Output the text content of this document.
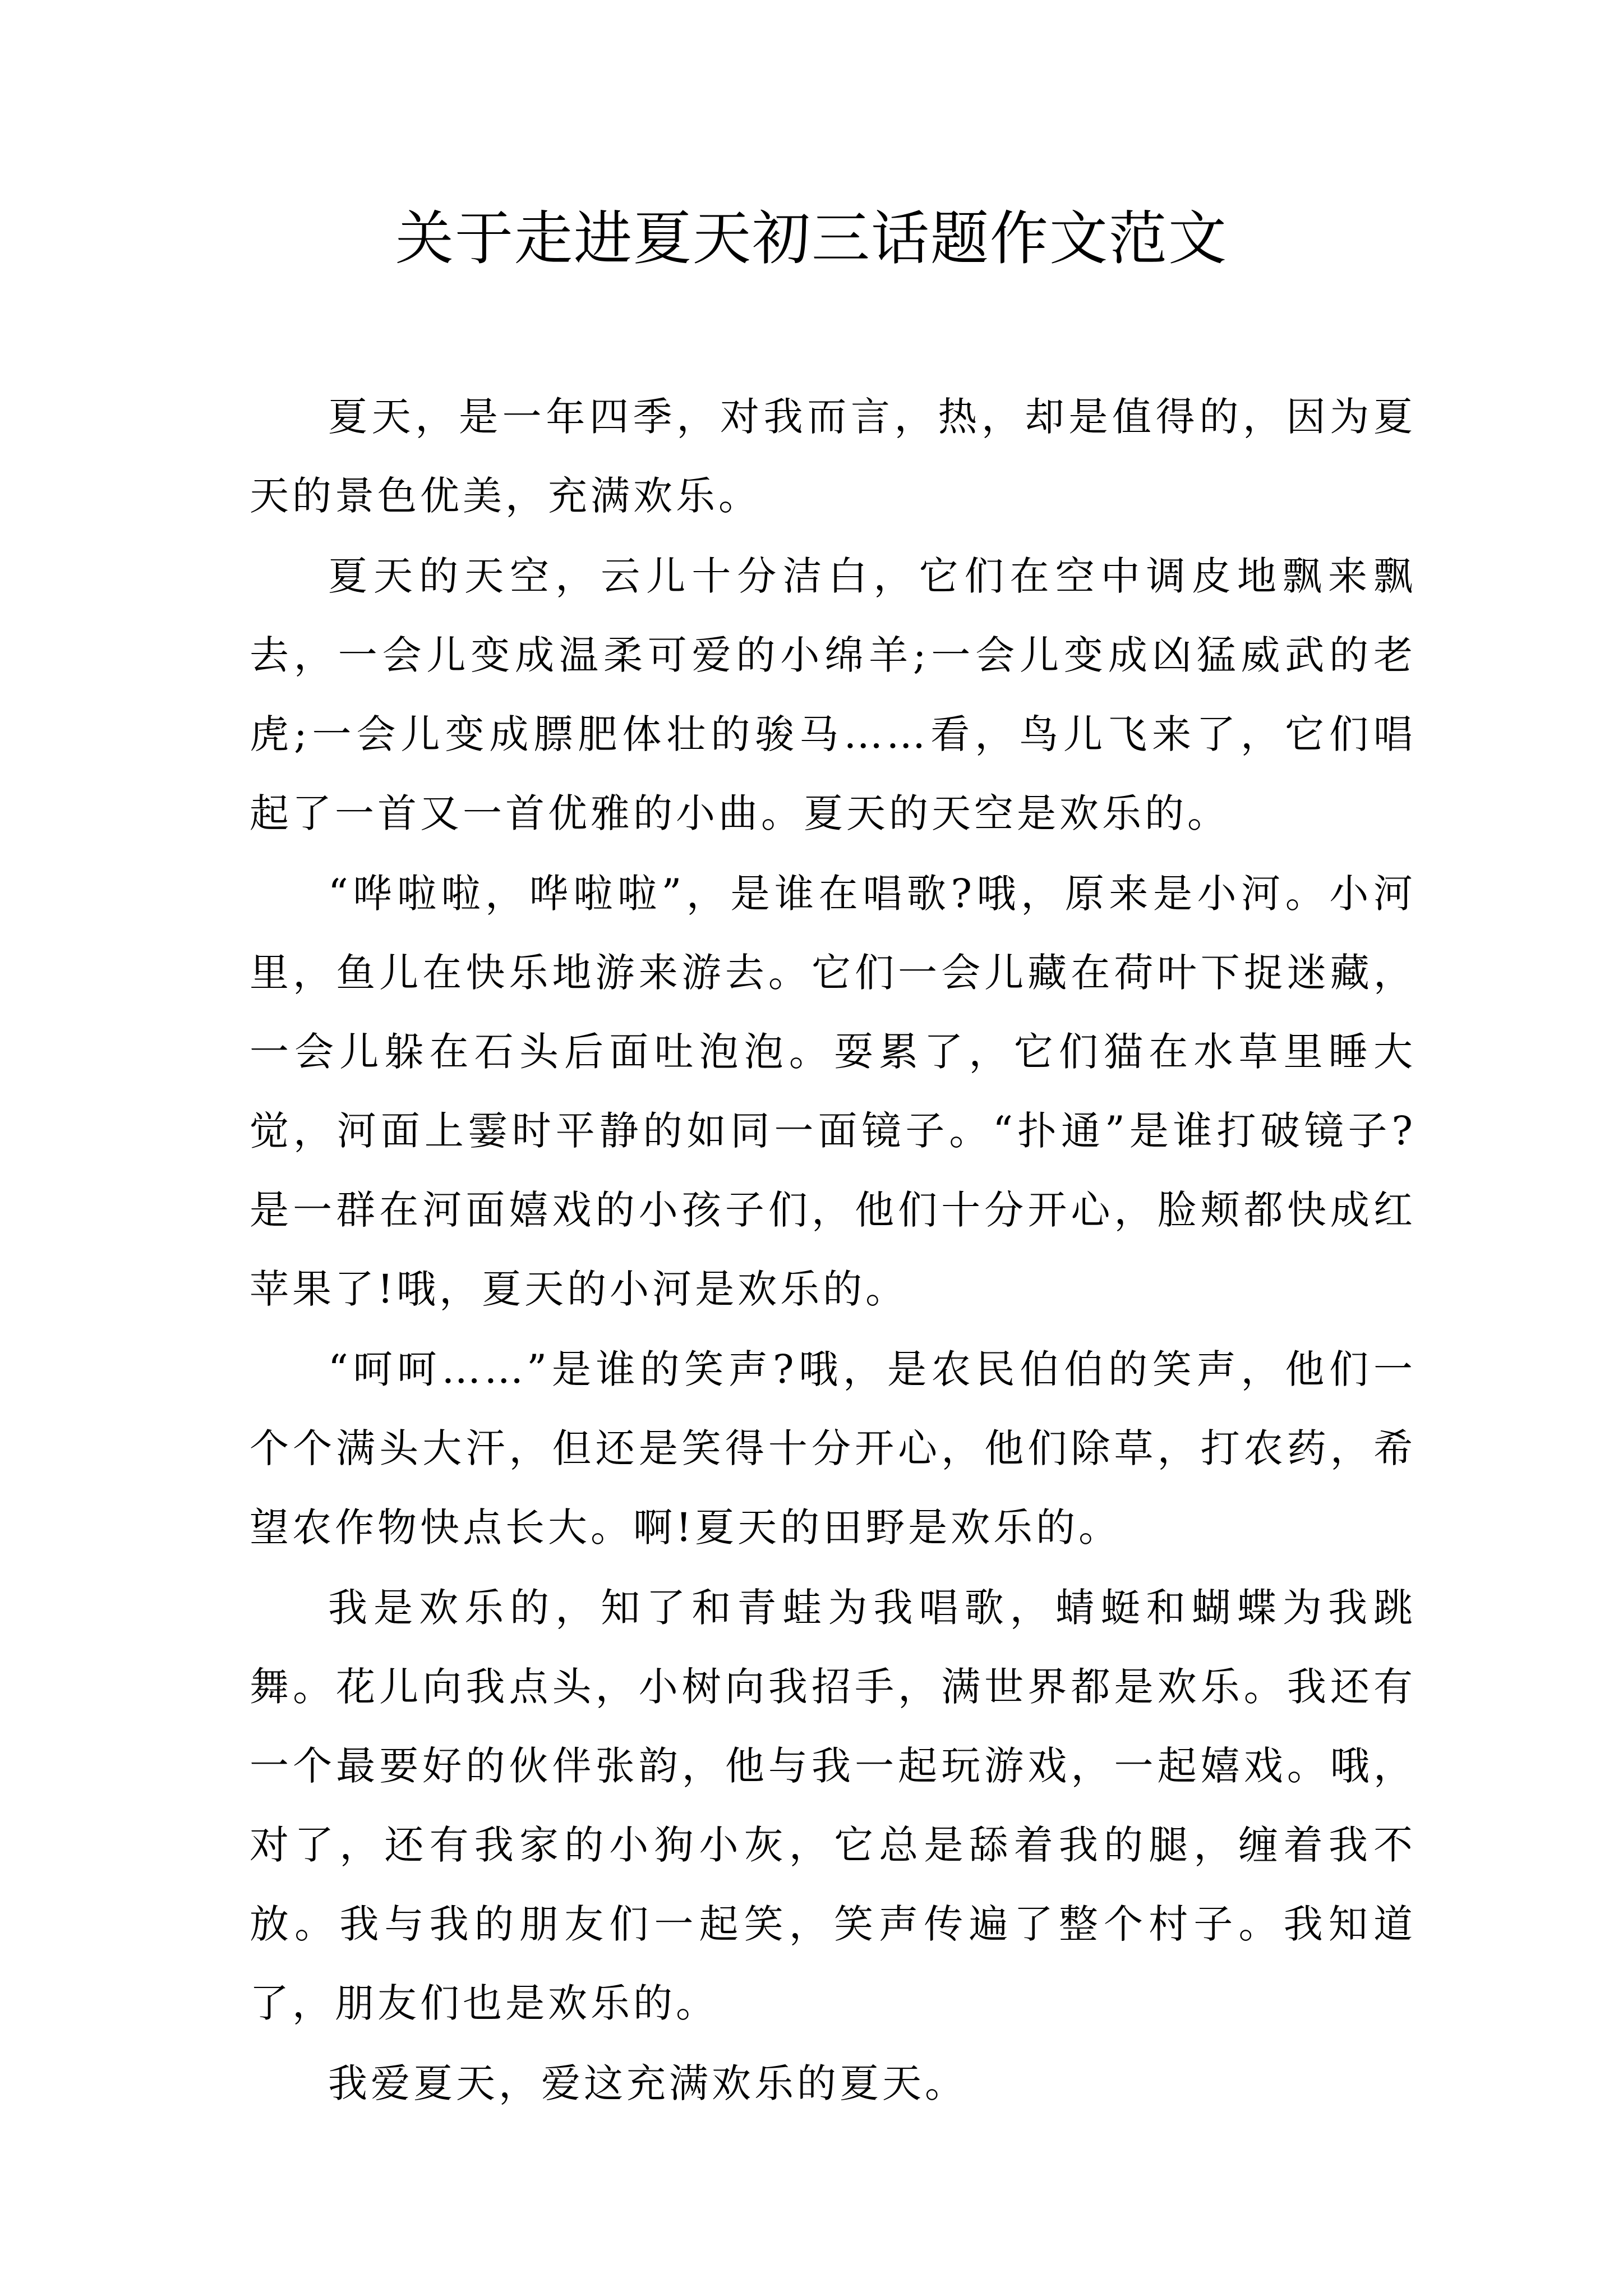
关于走进夏天初三话题作文范文

夏天，是一年四季，对我而言，热，却是值得的，因为夏天的景色优美，充满欢乐。

夏天的天空，云儿十分洁白，它们在空中调皮地飘来飘去，一会儿变成温柔可爱的小绵羊;一会儿变成凶猛威武的老虎;一会儿变成膘肥体壮的骏马……看，鸟儿飞来了，它们唱起了一首又一首优雅的小曲。夏天的天空是欢乐的。

“哗啦啦，哗啦啦”，是谁在唱歌?哦，原来是小河。小河里，鱼儿在快乐地游来游去。它们一会儿藏在荷叶下捉迷藏，一会儿躲在石头后面吐泡泡。耍累了，它们猫在水草里睡大觉，河面上霎时平静的如同一面镜子。“扑通”是谁打破镜子?是一群在河面嬉戏的小孩子们，他们十分开心，脸颊都快成红苹果了!哦，夏天的小河是欢乐的。

“呵呵……”是谁的笑声?哦，是农民伯伯的笑声，他们一个个满头大汗，但还是笑得十分开心，他们除草，打农药，希望农作物快点长大。啊!夏天的田野是欢乐的。

我是欢乐的，知了和青蛙为我唱歌，蜻蜓和蝴蝶为我跳舞。花儿向我点头，小树向我招手，满世界都是欢乐。我还有一个最要好的伙伴张韵，他与我一起玩游戏，一起嬉戏。哦，对了，还有我家的小狗小灰，它总是舔着我的腿，缠着我不放。我与我的朋友们一起笑，笑声传遍了整个村子。我知道了，朋友们也是欢乐的。

我爱夏天，爱这充满欢乐的夏天。
